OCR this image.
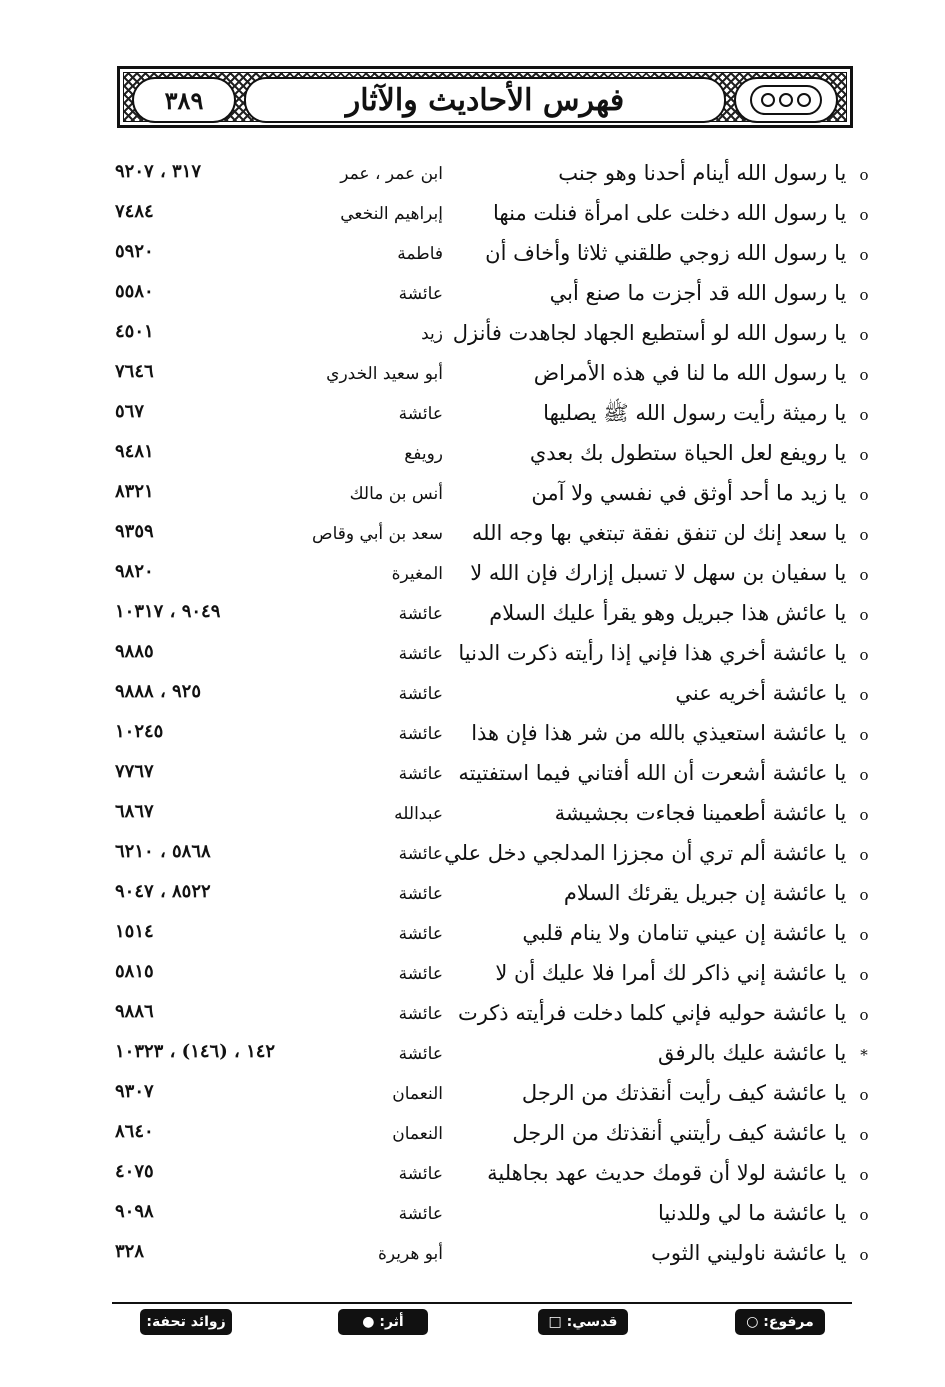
٣٨٩	فهرس الأحاديث والآثار
o يا رسول الله أينام أحدنا وهو جنب
ابن عمر ، عمر
٣١٧ ، ٩٢٠٧
o يا رسول الله دخلت على امرأة فنلت منها
إبراهيم النخعي
٧٤٨٤
o يا رسول الله زوجي طلقني ثلاثا وأخاف أن
فاطمة
٥٩٢٠
o يا رسول الله قد أجزت ما صنع أبي
عائشة
٥٥٨٠
o يا رسول الله لو أستطيع الجهاد لجاهدت فأنزل
زيد
٤٥٠١
o يا رسول الله ما لنا في هذه الأمراض
أبو سعيد الخدري
٧٦٤٦
o يا رميثة رأيت رسول الله ﷺ يصليها
عائشة
٥٦٧
o يا رويفع لعل الحياة ستطول بك بعدي
رويفع
٩٤٨١
o يا زيد ما أحد أوثق في نفسي ولا آمن
أنس بن مالك
٨٣٢١
o يا سعد إنك لن تنفق نفقة تبتغي بها وجه الله
سعد بن أبي وقاص
٩٣٥٩
o يا سفيان بن سهل لا تسبل إزارك فإن الله لا
المغيرة
٩٨٢٠
o يا عائش هذا جبريل وهو يقرأ عليك السلام
عائشة
٩٠٤٩ ، ١٠٣١٧
o يا عائشة أخري هذا فإني إذا رأيته ذكرت الدنيا
عائشة
٩٨٨٥
o يا عائشة أخريه عني
عائشة
٩٢٥ ، ٩٨٨٨
o يا عائشة استعيذي بالله من شر هذا فإن هذا
عائشة
١٠٢٤٥
o يا عائشة أشعرت أن الله أفتاني فيما استفتيته
عائشة
٧٧٦٧
o يا عائشة أطعمينا فجاءت بجشيشة
عبدالله
٦٨٦٧
o يا عائشة ألم تري أن مجززا المدلجي دخل علي
عائشة
٥٨٦٨ ، ٦٢١٠
o يا عائشة إن جبريل يقرئك السلام
عائشة
٨٥٢٢ ، ٩٠٤٧
o يا عائشة إن عيني تنامان ولا ينام قلبي
عائشة
١٥١٤
o يا عائشة إني ذاكر لك أمرا فلا عليك أن لا
عائشة
٥٨١٥
o يا عائشة حوليه فإني كلما دخلت فرأيته ذكرت
عائشة
٩٨٨٦
* يا عائشة عليك بالرفق
عائشة
١٤٢ ، (١٤٦) ، ١٠٣٢٣
o يا عائشة كيف رأيت أنقذتك من الرجل
النعمان
٩٣٠٧
o يا عائشة كيف رأيتني أنقذتك من الرجل
النعمان
٨٦٤٠
o يا عائشة لولا أن قومك حديث عهد بجاهلية
عائشة
٤٠٧٥
o يا عائشة ما لي وللدنيا
عائشة
٩٠٩٨
o يا عائشة ناوليني الثوب
أبو هريرة
٣٢٨
مرفوع: ○
قدسي: □
أثر: ●
زوائد تحفة: ❋
